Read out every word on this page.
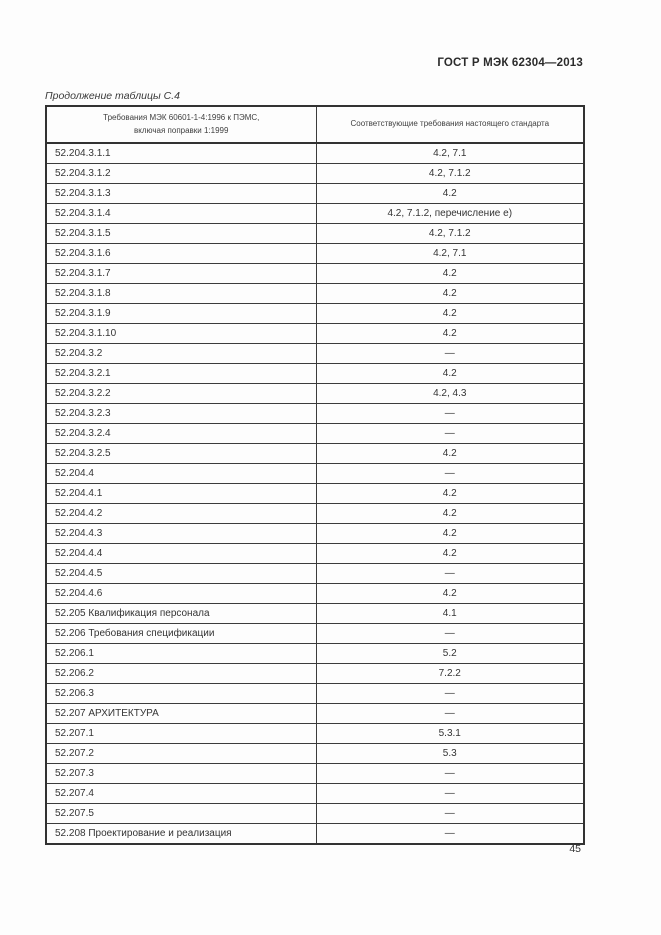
ГОСТ Р МЭК 62304—2013
Продолжение таблицы С.4
Требования МЭК 60601-1-4:1996 к ПЭМС,
включая поправки 1:1999	Соответствующие требования настоящего стандарта
52.204.3.1.1	4.2, 7.1
52.204.3.1.2	4.2, 7.1.2
52.204.3.1.3	4.2
52.204.3.1.4	4.2, 7.1.2, перечисление е)
52.204.3.1.5	4.2, 7.1.2
52.204.3.1.6	4.2, 7.1
52.204.3.1.7	4.2
52.204.3.1.8	4.2
52.204.3.1.9	4.2
52.204.3.1.10	4.2
52.204.3.2	—
52.204.3.2.1	4.2
52.204.3.2.2	4.2, 4.3
52.204.3.2.3	—
52.204.3.2.4	—
52.204.3.2.5	4.2
52.204.4	—
52.204.4.1	4.2
52.204.4.2	4.2
52.204.4.3	4.2
52.204.4.4	4.2
52.204.4.5	—
52.204.4.6	4.2
52.205 Квалификация персонала	4.1
52.206 Требования спецификации	—
52.206.1	5.2
52.206.2	7.2.2
52.206.3	—
52.207 АРХИТЕКТУРА	—
52.207.1	5.3.1
52.207.2	5.3
52.207.3	—
52.207.4	—
52.207.5	—
52.208 Проектирование и реализация	—
45
